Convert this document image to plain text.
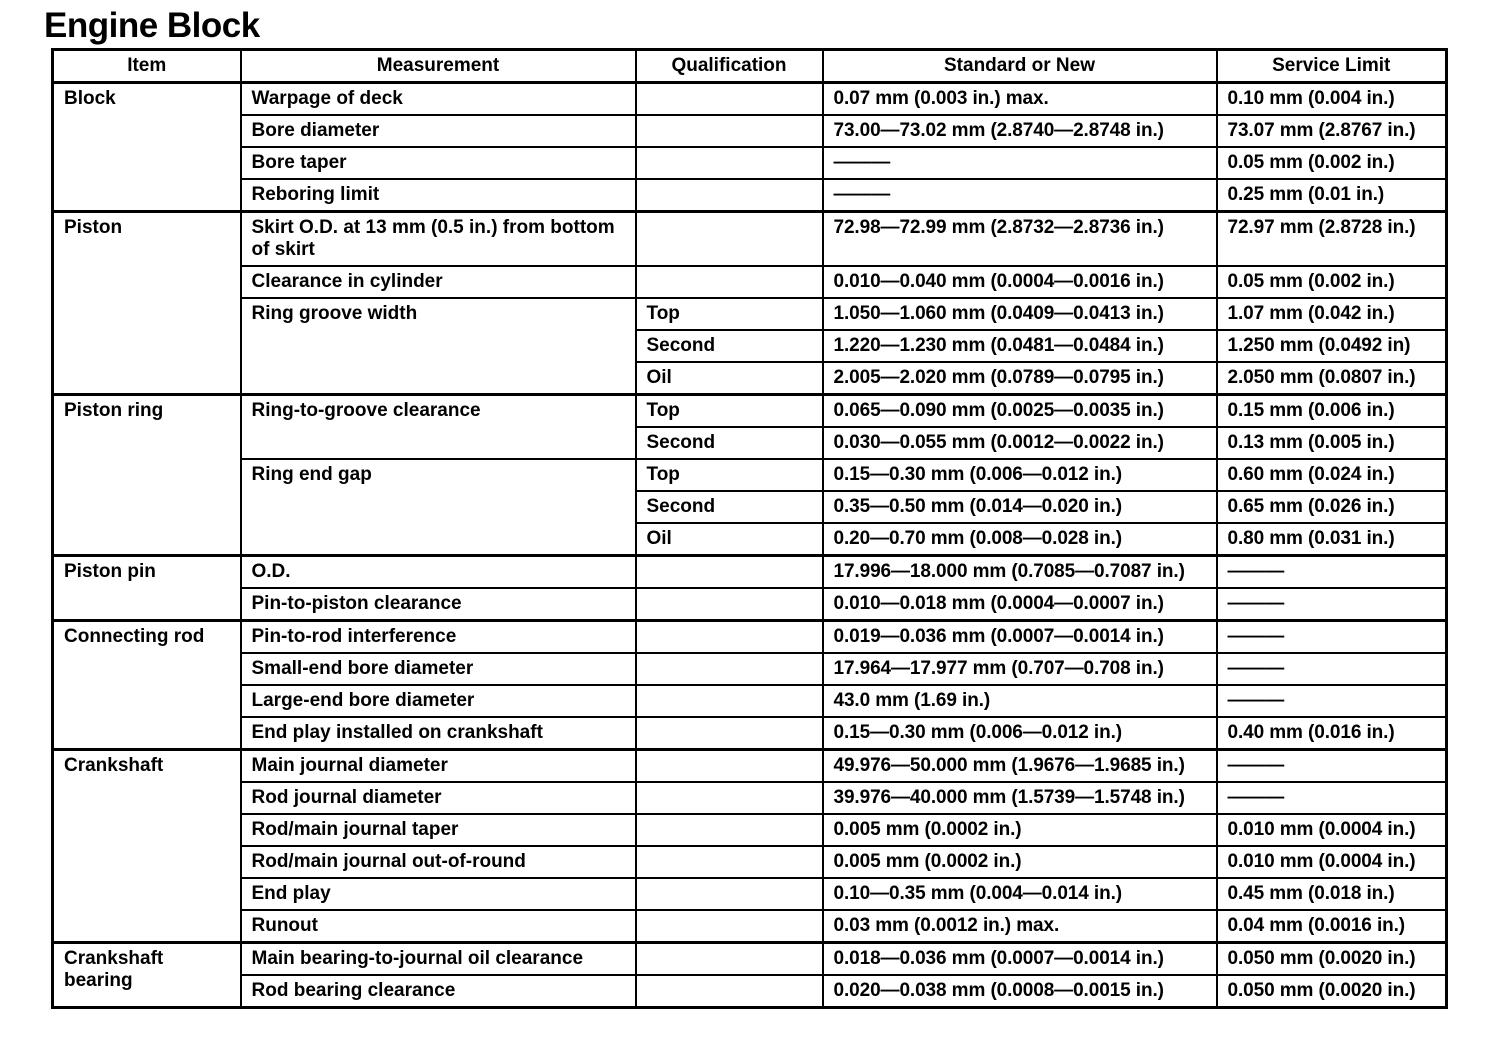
Engine Block
Item	Measurement	Qualification	Standard or New	Service Limit
Block	Warpage of deck		0.07 mm (0.003 in.) max.	0.10 mm (0.004 in.)
	Bore diameter		73.00—73.02 mm (2.8740—2.8748 in.)	73.07 mm (2.8767 in.)
	Bore taper		———	0.05 mm (0.002 in.)
	Reboring limit		———	0.25 mm (0.01 in.)
Piston	Skirt O.D. at 13 mm (0.5 in.) from bottom of skirt		72.98—72.99 mm (2.8732—2.8736 in.)	72.97 mm (2.8728 in.)
	Clearance in cylinder		0.010—0.040 mm (0.0004—0.0016 in.)	0.05 mm (0.002 in.)
	Ring groove width	Top	1.050—1.060 mm (0.0409—0.0413 in.)	1.07 mm (0.042 in.)
		Second	1.220—1.230 mm (0.0481—0.0484 in.)	1.250 mm (0.0492 in)
		Oil	2.005—2.020 mm (0.0789—0.0795 in.)	2.050 mm (0.0807 in.)
Piston ring	Ring-to-groove clearance	Top	0.065—0.090 mm (0.0025—0.0035 in.)	0.15 mm (0.006 in.)
		Second	0.030—0.055 mm (0.0012—0.0022 in.)	0.13 mm (0.005 in.)
	Ring end gap	Top	0.15—0.30 mm (0.006—0.012 in.)	0.60 mm (0.024 in.)
		Second	0.35—0.50 mm (0.014—0.020 in.)	0.65 mm (0.026 in.)
		Oil	0.20—0.70 mm (0.008—0.028 in.)	0.80 mm (0.031 in.)
Piston pin	O.D.		17.996—18.000 mm (0.7085—0.7087 in.)	———
	Pin-to-piston clearance		0.010—0.018 mm (0.0004—0.0007 in.)	———
Connecting rod	Pin-to-rod interference		0.019—0.036 mm (0.0007—0.0014 in.)	———
	Small-end bore diameter		17.964—17.977 mm (0.707—0.708 in.)	———
	Large-end bore diameter		43.0 mm (1.69 in.)	———
	End play installed on crankshaft		0.15—0.30 mm (0.006—0.012 in.)	0.40 mm (0.016 in.)
Crankshaft	Main journal diameter		49.976—50.000 mm (1.9676—1.9685 in.)	———
	Rod journal diameter		39.976—40.000 mm (1.5739—1.5748 in.)	———
	Rod/main journal taper		0.005 mm (0.0002 in.)	0.010 mm (0.0004 in.)
	Rod/main journal out-of-round		0.005 mm (0.0002 in.)	0.010 mm (0.0004 in.)
	End play		0.10—0.35 mm (0.004—0.014 in.)	0.45 mm (0.018 in.)
	Runout		0.03 mm (0.0012 in.) max.	0.04 mm (0.0016 in.)
Crankshaft bearing	Main bearing-to-journal oil clearance		0.018—0.036 mm (0.0007—0.0014 in.)	0.050 mm (0.0020 in.)
	Rod bearing clearance		0.020—0.038 mm (0.0008—0.0015 in.)	0.050 mm (0.0020 in.)
